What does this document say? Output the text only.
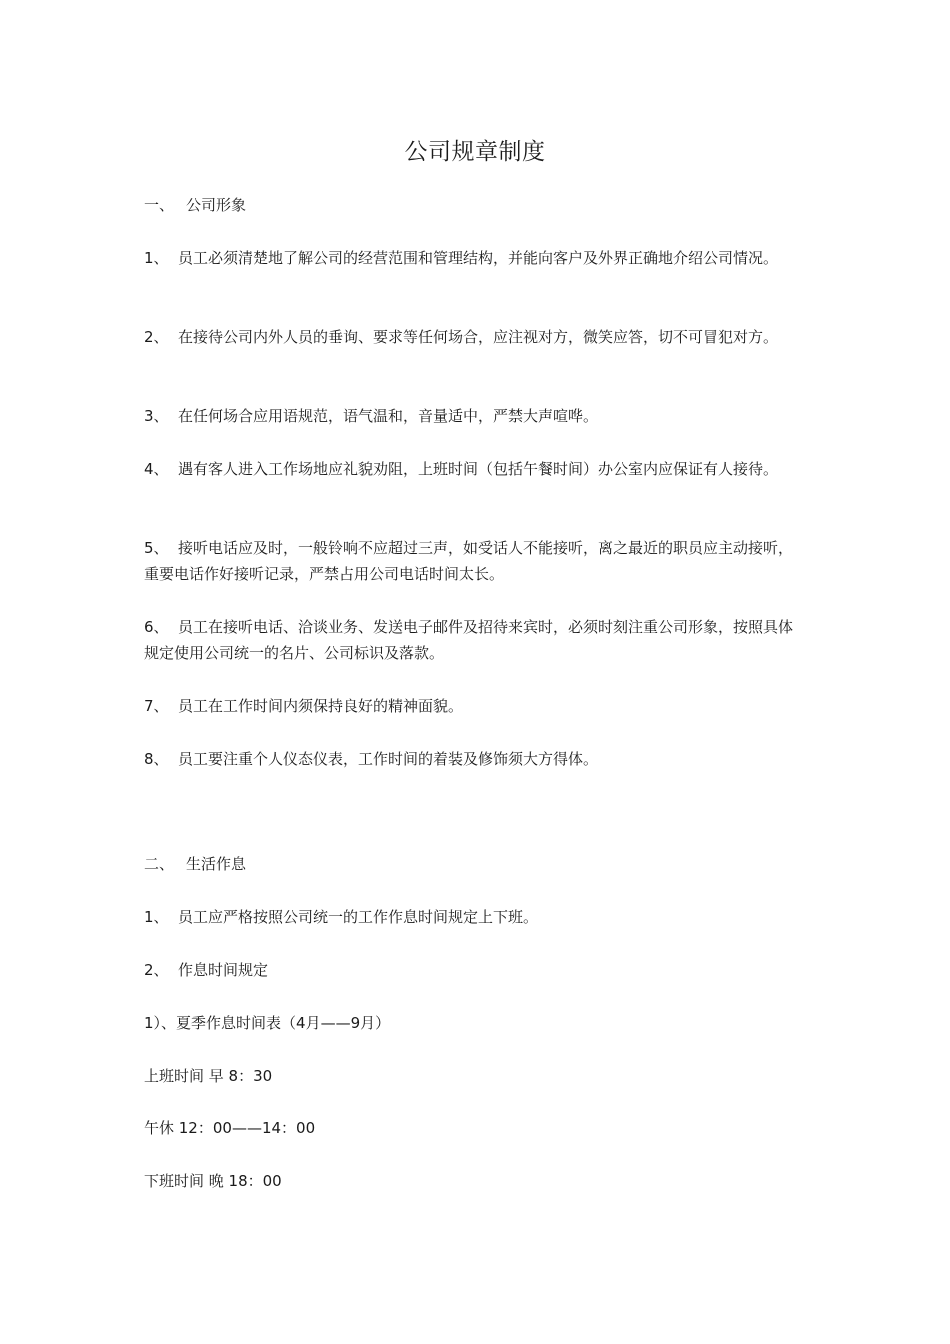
公司规章制度

一、 公司形象

1、 员工必须清楚地了解公司的经营范围和管理结构，并能向客户及外界正确地介绍公司情况。

2、 在接待公司内外人员的垂询、要求等任何场合，应注视对方，微笑应答，切不可冒犯对方。

3、 在任何场合应用语规范，语气温和，音量适中，严禁大声喧哗。

4、 遇有客人进入工作场地应礼貌劝阻，上班时间（包括午餐时间）办公室内应保证有人接待。

5、 接听电话应及时，一般铃响不应超过三声，如受话人不能接听，离之最近的职员应主动接听，重要电话作好接听记录，严禁占用公司电话时间太长。

6、 员工在接听电话、洽谈业务、发送电子邮件及招待来宾时，必须时刻注重公司形象，按照具体规定使用公司统一的名片、公司标识及落款。

7、 员工在工作时间内须保持良好的精神面貌。

8、 员工要注重个人仪态仪表，工作时间的着装及修饰须大方得体。

二、 生活作息

1、 员工应严格按照公司统一的工作作息时间规定上下班。

2、 作息时间规定

1）、夏季作息时间表（4月——9月）

上班时间 早 8：30

午休 12：00——14：00

下班时间 晚 18：00
